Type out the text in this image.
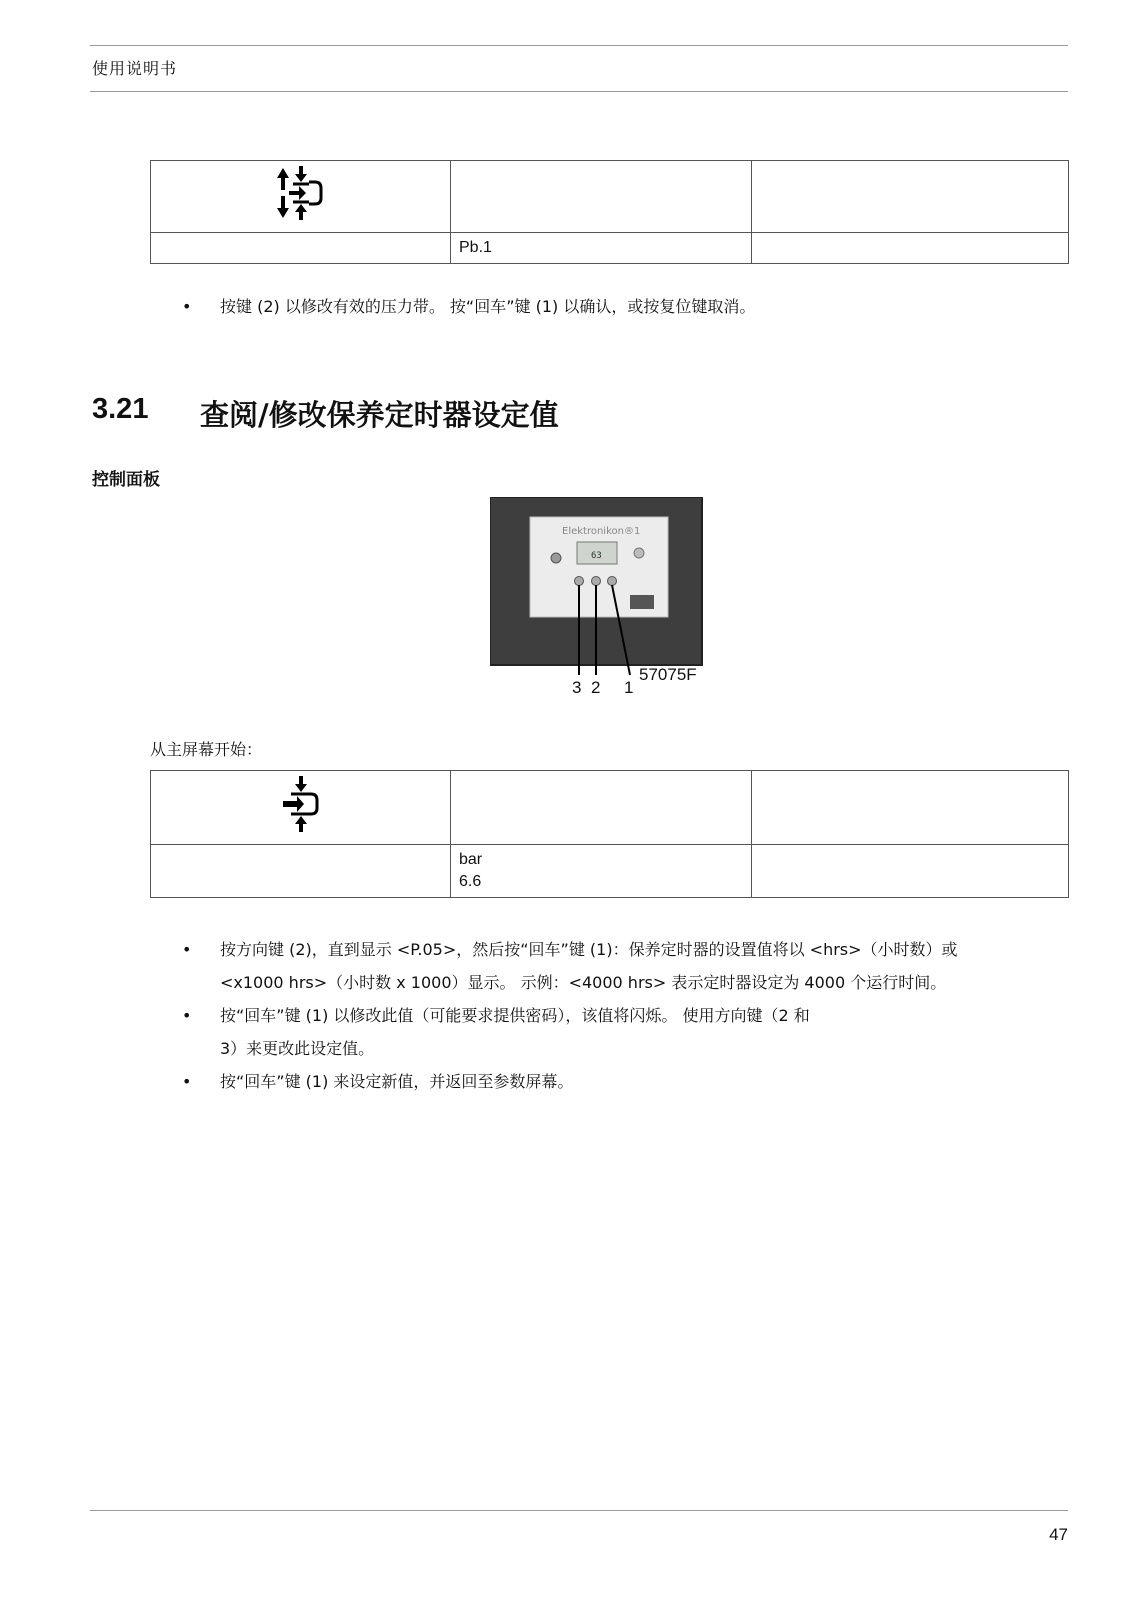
使用说明书

	Pb.1	
• 按键 (2) 以修改有效的压力带。 按“回车”键 (1) 以确认，或按复位键取消。
3.21 查阅/修改保养定时器设定值
控制面板
Elektronikon®1
63
3 2 1
57075F
从主屏幕开始：

	bar
6.6	

• 按方向键 (2)，直到显示 <P.05>，然后按“回车”键 (1)：保养定时器的设置值将以 <hrs>（小时数）或
<x1000 hrs>（小时数 x 1000）显示。 示例：<4000 hrs> 表示定时器设定为 4000 个运行时间。
• 按“回车”键 (1) 以修改此值（可能要求提供密码），该值将闪烁。 使用方向键（2 和
3）来更改此设定值。
• 按“回车”键 (1) 来设定新值，并返回至参数屏幕。
47
